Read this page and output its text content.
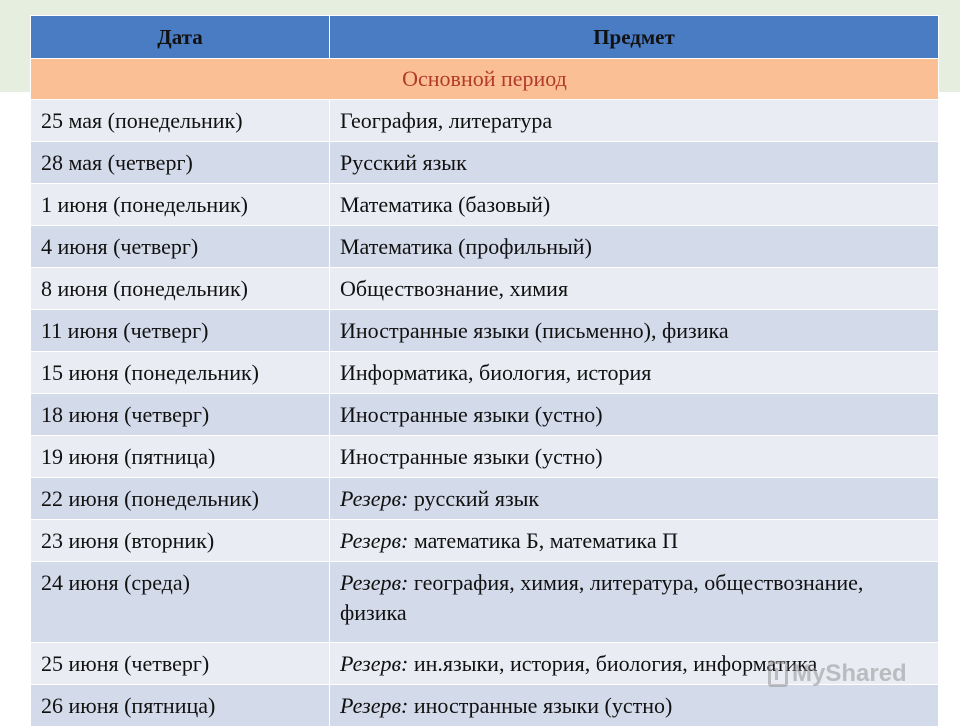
Дата	Предмет
Основной период	
25 мая (понедельник)	География, литература
28 мая (четверг)	Русский язык
1 июня (понедельник)	Математика (базовый)
4 июня (четверг)	Математика (профильный)
8 июня (понедельник)	Обществознание, химия
11 июня (четверг)	Иностранные языки (письменно), физика
15 июня (понедельник)	Информатика, биология, история
18 июня (четверг)	Иностранные языки (устно)
19 июня (пятница)	Иностранные языки (устно)
22 июня (понедельник)	Резерв: русский язык
23 июня (вторник)	Резерв: математика Б, математика П
24 июня (среда)	Резерв: география, химия, литература, обществознание, физика
25 июня (четверг)	Резерв: ин.языки, история, биология, информатика
26 июня (пятница)	Резерв: иностранные языки (устно)
MyShared
